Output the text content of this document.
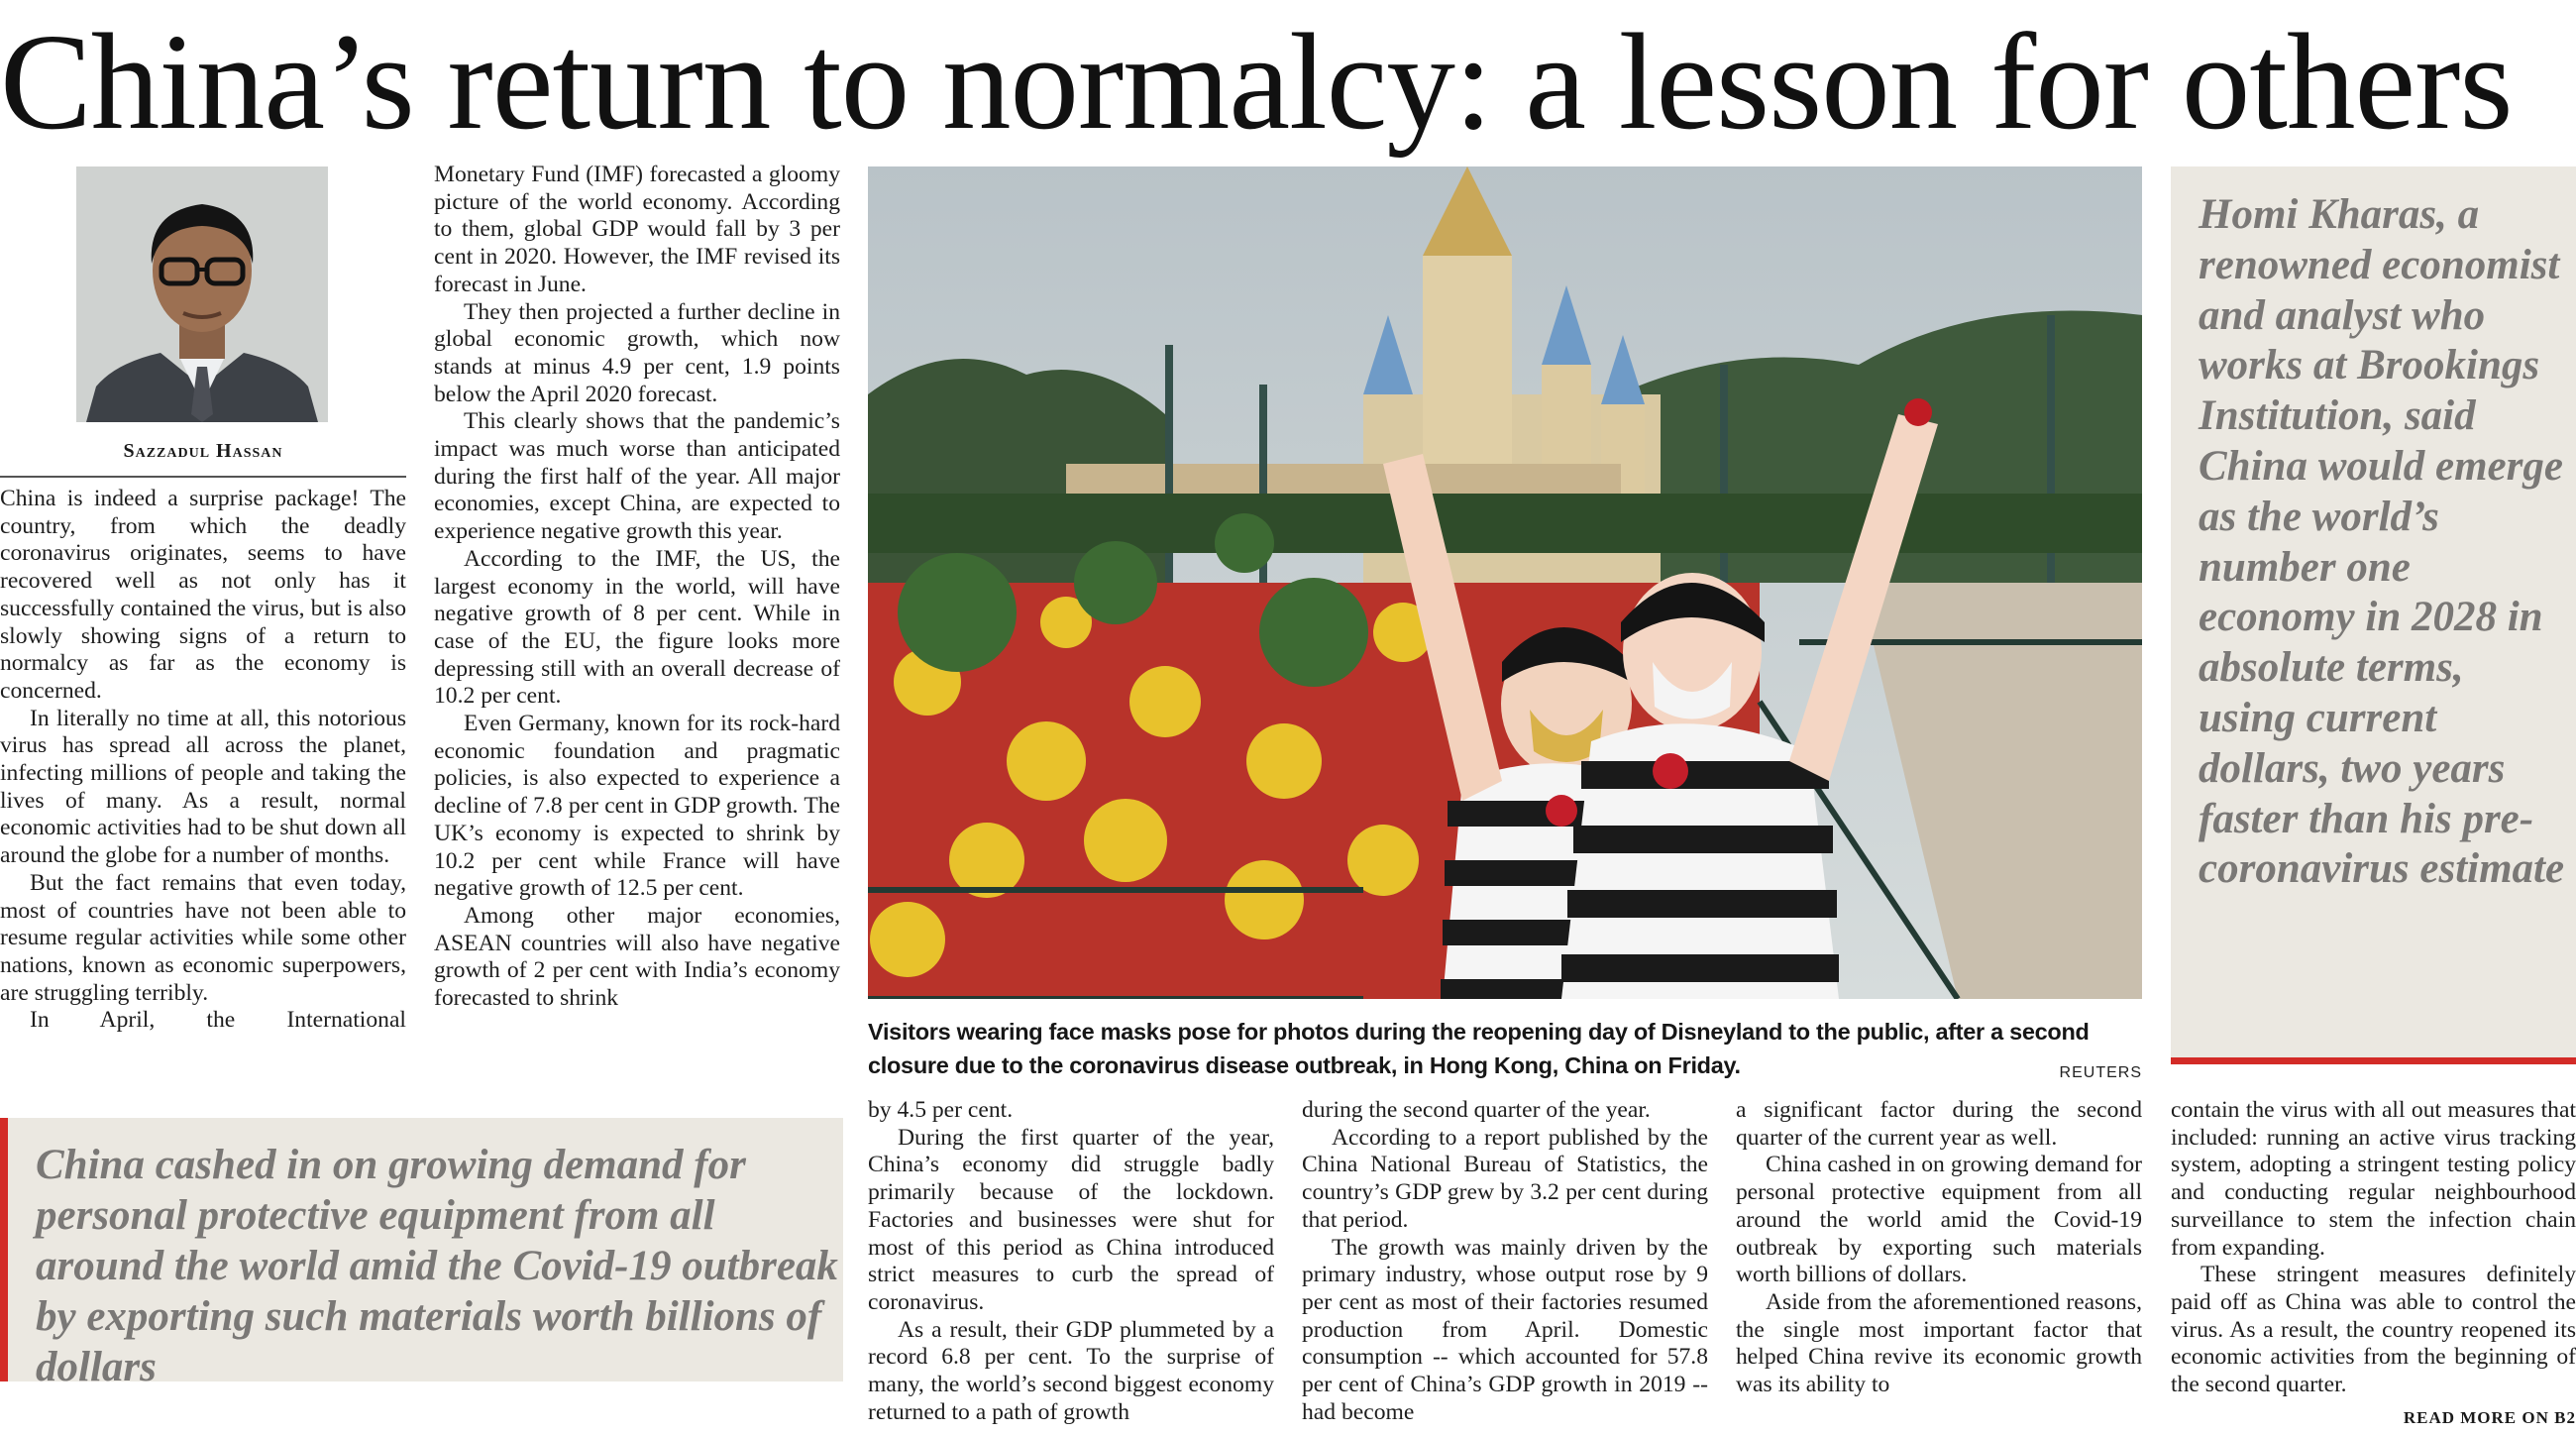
China’s return to normalcy: a lesson for others
Sazzadul Hassan

China is indeed a surprise package! The country, from which the deadly coronavirus originates, seems to have recovered well as not only has it successfully contained the virus, but is also slowly showing signs of a return to normalcy as far as the economy is concerned.

In literally no time at all, this notorious virus has spread all across the planet, infecting millions of people and taking the lives of many. As a result, normal economic activities had to be shut down all around the globe for a number of months.

But the fact remains that even today, most of countries have not been able to resume regular activities while some other nations, known as economic superpowers, are struggling terribly.

In April, the International

Monetary Fund (IMF) forecasted a gloomy picture of the world economy. According to them, global GDP would fall by 3 per cent in 2020. However, the IMF revised its forecast in June.

They then projected a further decline in global economic growth, which now stands at minus 4.9 per cent, 1.9 points below the April 2020 forecast.

This clearly shows that the pandemic’s impact was much worse than anticipated during the first half of the year. All major economies, except China, are expected to experience negative growth this year.

According to the IMF, the US, the largest economy in the world, will have negative growth of 8 per cent. While in case of the EU, the figure looks more depressing still with an overall decrease of 10.2 per cent.

Even Germany, known for its rock-hard economic foundation and pragmatic policies, is also expected to experience a decline of 7.8 per cent in GDP growth. The UK’s economy is expected to shrink by 10.2 per cent while France will have negative growth of 12.5 per cent.

Among other major economies, ASEAN countries will also have negative growth of 2 per cent with India’s economy forecasted to shrink

Visitors wearing face masks pose for photos during the reopening day of Disneyland to the public, after a second closure due to the coronavirus disease outbreak, in Hong Kong, China on Friday.	REUTERS
Homi Kharas, a renowned economist and analyst who works at Brookings Institution, said China would emerge as the world’s number one economy in 2028 in absolute terms, using current dollars, two years faster than his pre-coronavirus estimate
China cashed in on growing demand for personal protective equipment from all around the world amid the Covid-19 outbreak by exporting such materials worth billions of dollars

by 4.5 per cent.

During the first quarter of the year, China’s economy did struggle badly primarily because of the lockdown. Factories and businesses were shut for most of this period as China introduced strict measures to curb the spread of coronavirus.

As a result, their GDP plummeted by a record 6.8 per cent. To the surprise of many, the world’s second biggest economy returned to a path of growth

during the second quarter of the year.

According to a report published by the China National Bureau of Statistics, the country’s GDP grew by 3.2 per cent during that period.

The growth was mainly driven by the primary industry, whose output rose by 9 per cent as most of their factories resumed production from April. Domestic consumption -- which accounted for 57.8 per cent of China’s GDP growth in 2019 -- had become

a significant factor during the second quarter of the current year as well.

China cashed in on growing demand for personal protective equipment from all around the world amid the Covid-19 outbreak by exporting such materials worth billions of dollars.

Aside from the aforementioned reasons, the single most important factor that helped China revive its economic growth was its ability to

contain the virus with all out measures that included: running an active virus tracking system, adopting a stringent testing policy and conducting regular neighbourhood surveillance to stem the infection chain from expanding.

These stringent measures definitely paid off as China was able to control the virus. As a result, the country reopened its economic activities from the beginning of the second quarter.

READ MORE ON B2
